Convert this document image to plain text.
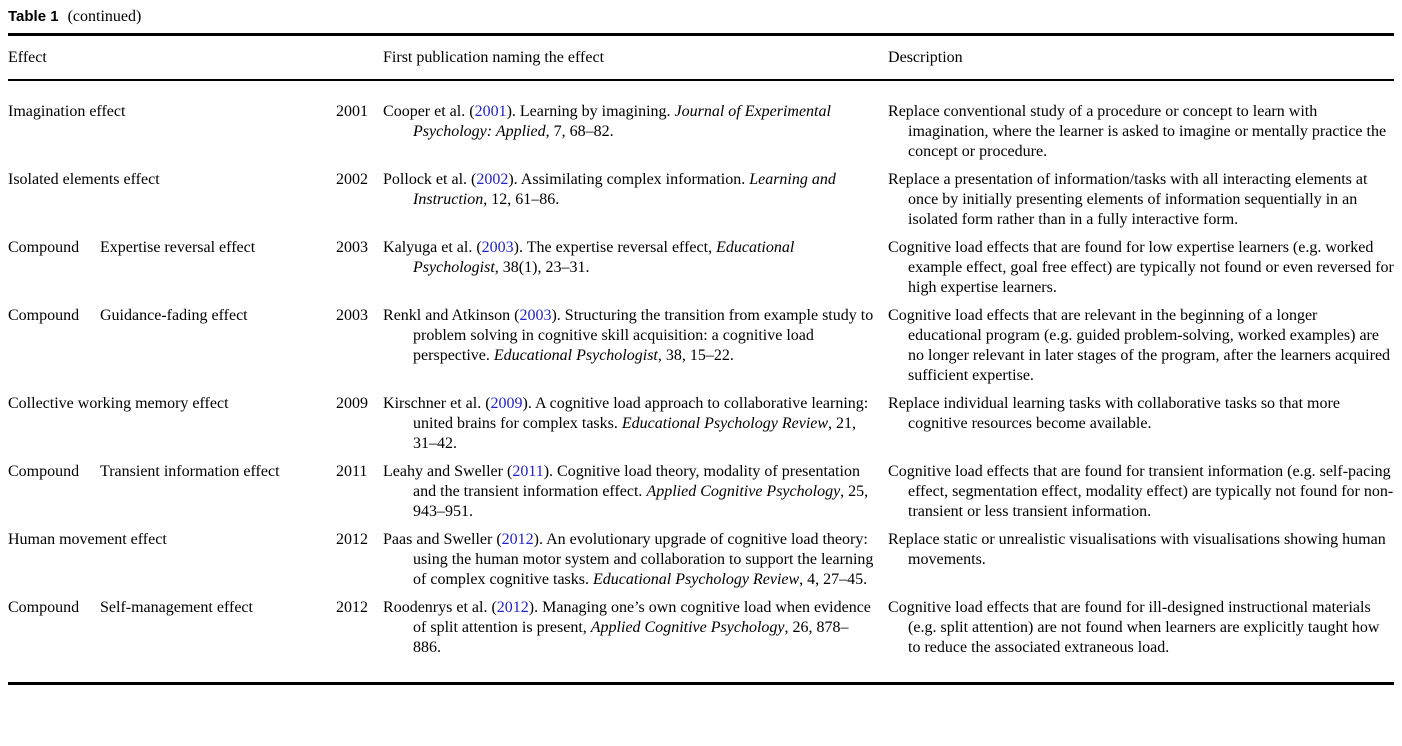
Table 1 (continued)
Effect			First publication naming the effect	Description
Imagination effect		2001	Cooper et al. (2001). Learning by imagining. Journal of Experimental Psychology: Applied, 7, 68–82.	Replace conventional study of a procedure or concept to learn with imagination, where the learner is asked to imagine or mentally practice the concept or procedure.
Isolated elements effect		2002	Pollock et al. (2002). Assimilating complex information. Learning and Instruction, 12, 61–86.	Replace a presentation of information/tasks with all interacting elements at once by initially presenting elements of information sequentially in an isolated form rather than in a fully interactive form.
Compound	Expertise reversal effect	2003	Kalyuga et al. (2003). The expertise reversal effect, Educational Psychologist, 38(1), 23–31.	Cognitive load effects that are found for low expertise learners (e.g. worked example effect, goal free effect) are typically not found or even reversed for high expertise learners.
Compound	Guidance-fading effect	2003	Renkl and Atkinson (2003). Structuring the transition from example study to problem solving in cognitive skill acquisition: a cognitive load perspective. Educational Psychologist, 38, 15–22.	Cognitive load effects that are relevant in the beginning of a longer educational program (e.g. guided problem-solving, worked examples) are no longer relevant in later stages of the program, after the learners acquired sufficient expertise.
Collective working memory effect		2009	Kirschner et al. (2009). A cognitive load approach to collaborative learning: united brains for complex tasks. Educational Psychology Review, 21, 31–42.	Replace individual learning tasks with collaborative tasks so that more cognitive resources become available.
Compound	Transient information effect	2011	Leahy and Sweller (2011). Cognitive load theory, modality of presentation and the transient information effect. Applied Cognitive Psychology, 25, 943–951.	Cognitive load effects that are found for transient information (e.g. self-pacing effect, segmentation effect, modality effect) are typically not found for non-transient or less transient information.
Human movement effect		2012	Paas and Sweller (2012). An evolutionary upgrade of cognitive load theory: using the human motor system and collaboration to support the learning of complex cognitive tasks. Educational Psychology Review, 4, 27–45.	Replace static or unrealistic visualisations with visualisations showing human movements.
Compound	Self-management effect	2012	Roodenrys et al. (2012). Managing one’s own cognitive load when evidence of split attention is present, Applied Cognitive Psychology, 26, 878–886.	Cognitive load effects that are found for ill-designed instructional materials (e.g. split attention) are not found when learners are explicitly taught how to reduce the associated extraneous load.
